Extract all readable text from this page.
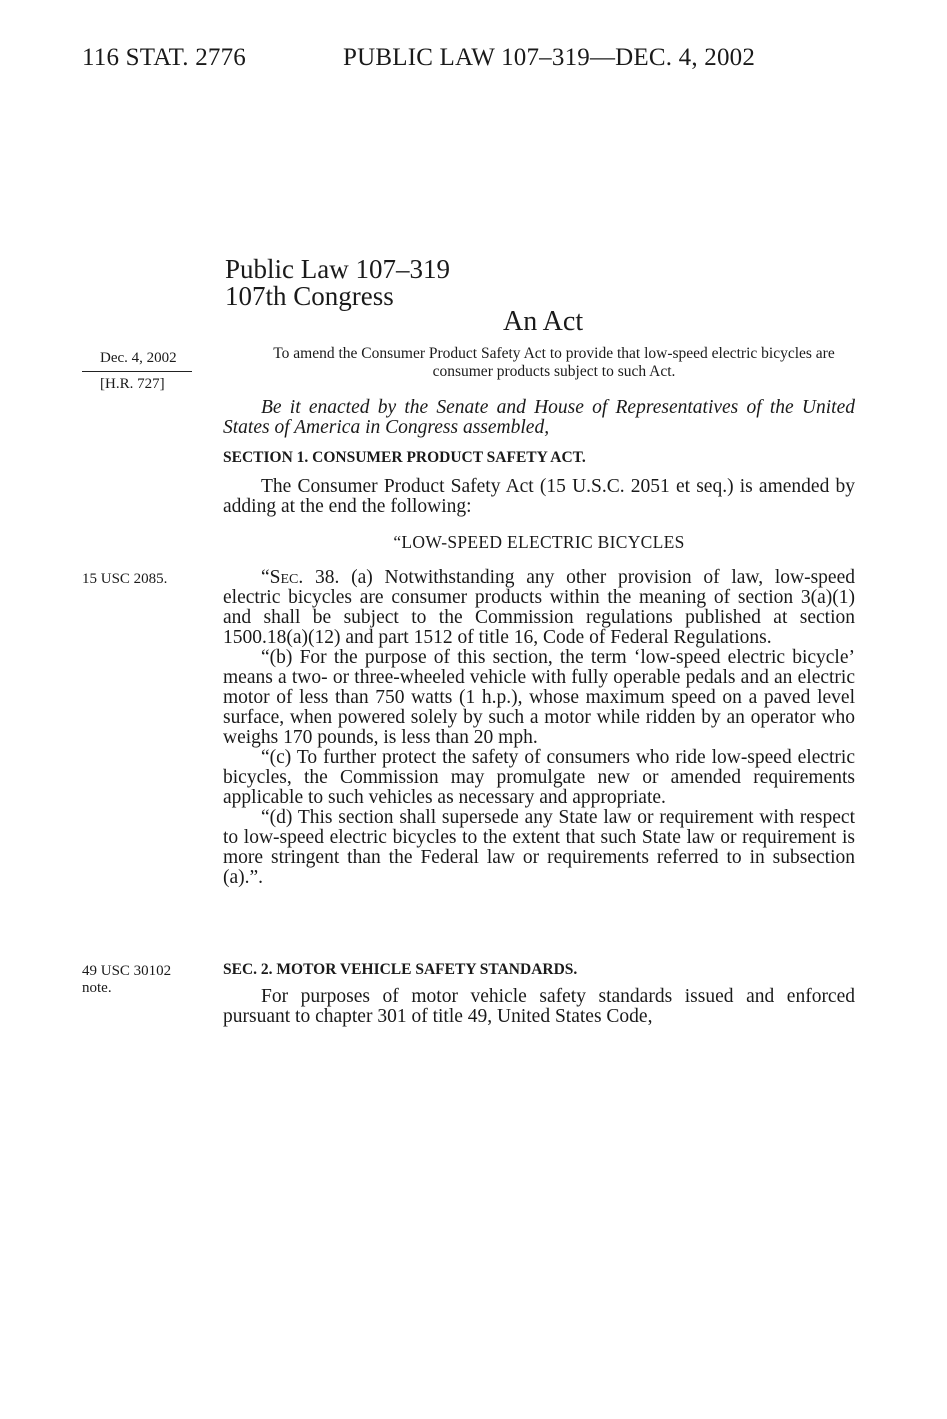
116 STAT. 2776	PUBLIC LAW 107–319—DEC. 4, 2002
Public Law 107–319
107th Congress
An Act
Dec. 4, 2002
[H.R. 727]
To amend the Consumer Product Safety Act to provide that low-speed electric bicycles are consumer products subject to such Act.

Be it enacted by the Senate and House of Representatives of the United States of America in Congress assembled,

SECTION 1. CONSUMER PRODUCT SAFETY ACT.

The Consumer Product Safety Act (15 U.S.C. 2051 et seq.) is amended by adding at the end the following:

“LOW-SPEED ELECTRIC BICYCLES
15 USC 2085.	“Sec. 38. (a) Notwithstanding any other provision of law, low-speed electric bicycles are consumer products within the meaning of section 3(a)(1) and shall be subject to the Commission regulations published at section 1500.18(a)(12) and part 1512 of title 16, Code of Federal Regulations.

“(b) For the purpose of this section, the term ‘low-speed electric bicycle’ means a two- or three-wheeled vehicle with fully operable pedals and an electric motor of less than 750 watts (1 h.p.), whose maximum speed on a paved level surface, when powered solely by such a motor while ridden by an operator who weighs 170 pounds, is less than 20 mph.

“(c) To further protect the safety of consumers who ride low-speed electric bicycles, the Commission may promulgate new or amended requirements applicable to such vehicles as necessary and appropriate.

“(d) This section shall supersede any State law or requirement with respect to low-speed electric bicycles to the extent that such State law or requirement is more stringent than the Federal law or requirements referred to in subsection (a).”.

49 USC 30102
note.
SEC. 2. MOTOR VEHICLE SAFETY STANDARDS.

For purposes of motor vehicle safety standards issued and enforced pursuant to chapter 301 of title 49, United States Code,
